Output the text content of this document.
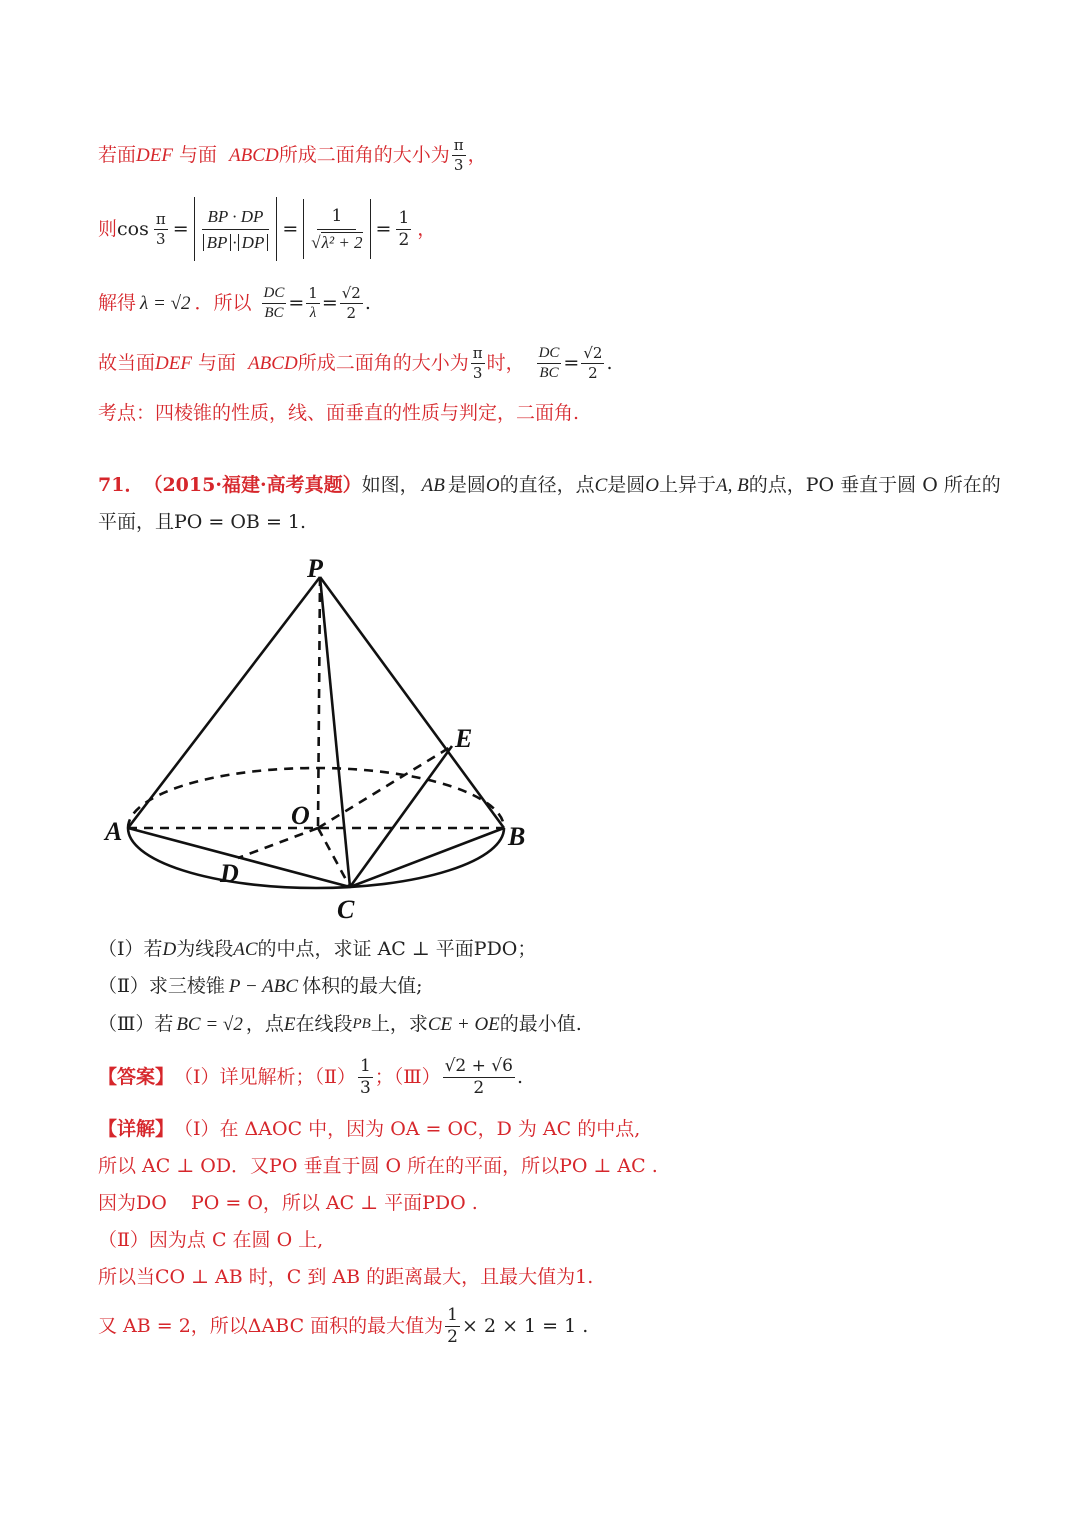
若面 DEF 与面 ABCD 所成二面角的大小为 $\frac{\pi}{3}$ ，
则 $\cos \frac{\pi}{3} = \frac{BP \cdot DP}{BP \cdot DP} = \frac{1}{\text{√λ² + 2}} = \frac{1}{2}$ ，
解得 λ = √2 ．所以 $\frac{DC}{BC} = \frac{1}{\lambda} = \frac{√2}{2}$ .
故当面 DEF 与面 ABCD 所成二面角的大小为 $\frac{\pi}{3}$ 时， $\frac{DC}{BC} = \frac{√2}{2}$ .
考点：四棱锥的性质，线、面垂直的性质与判定，二面角.
71． （2015·福建·高考真题） 如图， AB 是圆 O 的直径，点 C 是圆 O 上异于 A, B 的点，PO 垂直于圆 O 所在的
平面，且PO = OB = 1.
P
E
O
A	B
D
C
（Ⅰ）若 D 为线段 AC 的中点，求证 AC ⊥ 平面PDO；
（Ⅱ）求三棱锥 P − ABC 体积的最大值;
（Ⅲ）若 BC = √2 ，点 E 在线段 PB 上，求 CE + OE 的最小值.
【答案】 （Ⅰ）详见解析；（Ⅱ） $\frac{1}{3}$ ；（Ⅲ） $\frac{√2 + √6}{2}$ .
【详解】 （Ⅰ）在 ΔAOC 中，因为 OA = OC，D 为 AC 的中点,
所以 AC ⊥ OD．又PO 垂直于圆 O 所在的平面，所以PO ⊥ AC .
因为DO    PO = O，所以 AC ⊥ 平面PDO .
（Ⅱ）因为点 C 在圆 O 上,
所以当CO ⊥ AB 时，C 到 AB 的距离最大，且最大值为1.
又 AB = 2，所以ΔABC 面积的最大值为 $\frac{1}{2} \times 2 \times 1 = 1$ .
